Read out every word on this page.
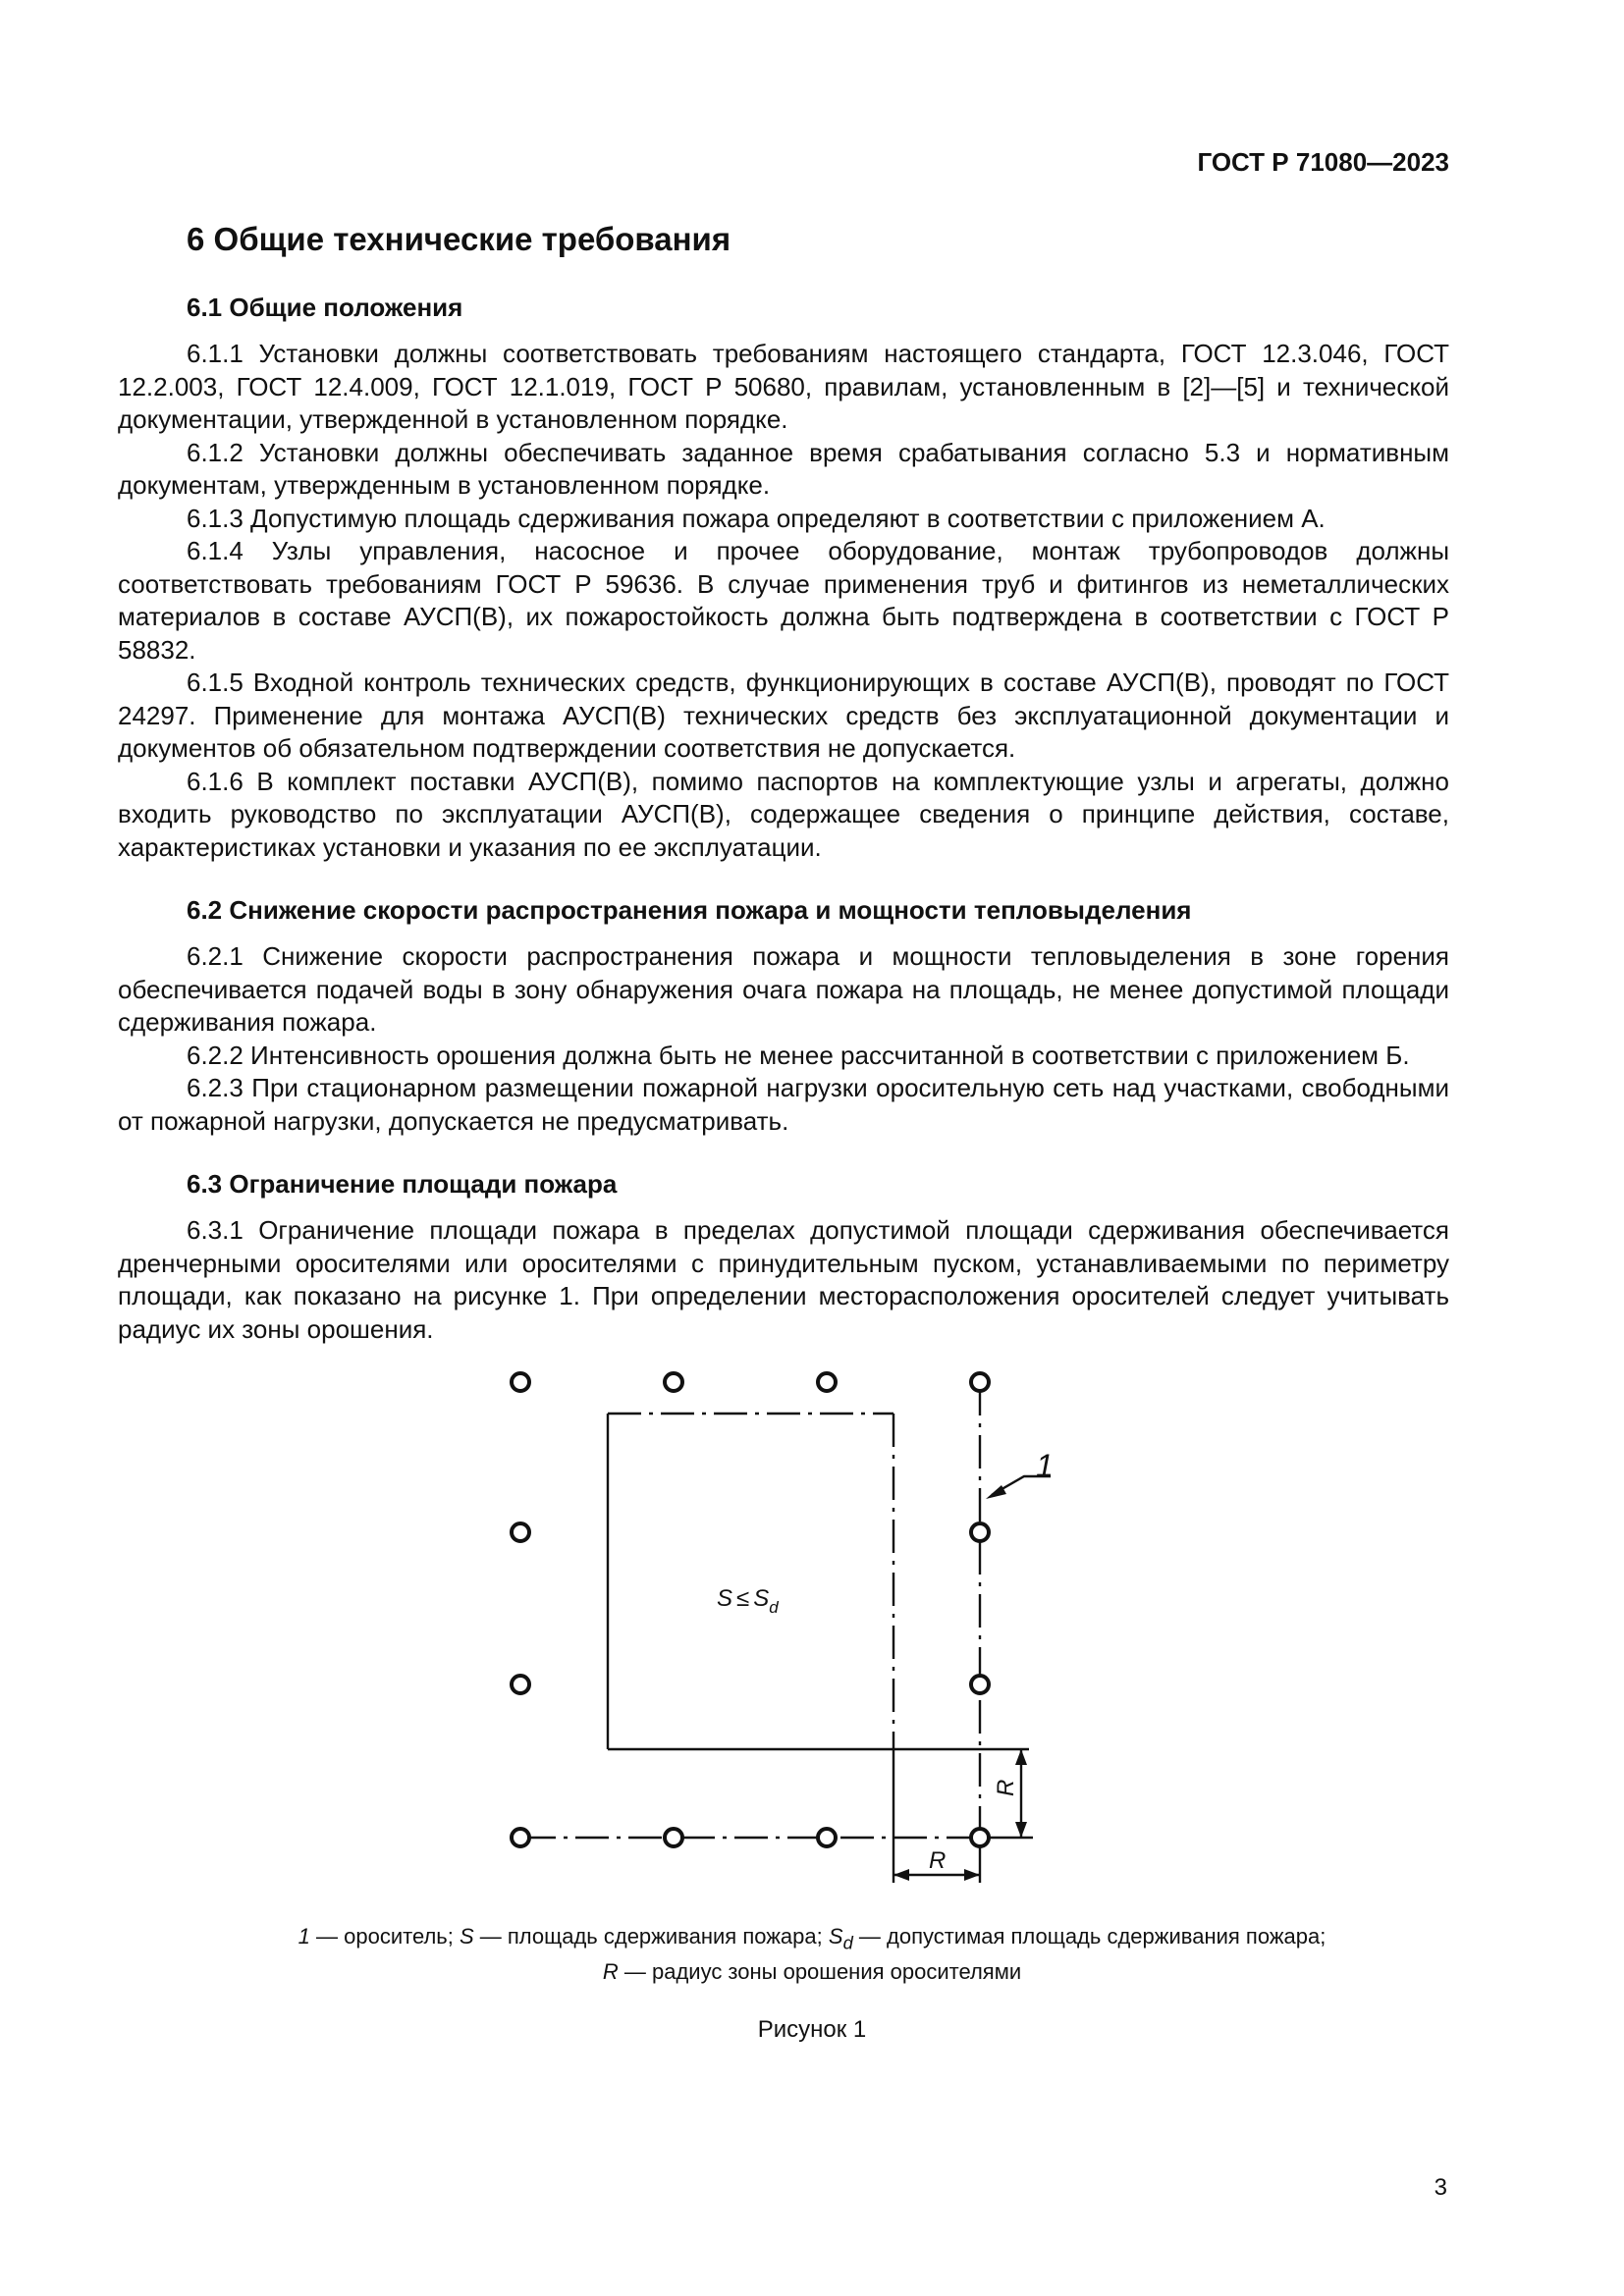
ГОСТ Р 71080—2023
6 Общие технические требования
6.1 Общие положения

6.1.1 Установки должны соответствовать требованиям настоящего стандарта, ГОСТ 12.3.046, ГОСТ 12.2.003, ГОСТ 12.4.009, ГОСТ 12.1.019, ГОСТ Р 50680, правилам, установленным в [2]—[5] и технической документации, утвержденной в установленном порядке.

6.1.2 Установки должны обеспечивать заданное время срабатывания согласно 5.3 и нормативным документам, утвержденным в установленном порядке.

6.1.3 Допустимую площадь сдерживания пожара определяют в соответствии с приложением А.

6.1.4 Узлы управления, насосное и прочее оборудование, монтаж трубопроводов должны соответствовать требованиям ГОСТ Р 59636. В случае применения труб и фитингов из неметаллических материалов в составе АУСП(В), их пожаростойкость должна быть подтверждена в соответствии с ГОСТ Р 58832.

6.1.5 Входной контроль технических средств, функционирующих в составе АУСП(В), проводят по ГОСТ 24297. Применение для монтажа АУСП(В) технических средств без эксплуатационной документации и документов об обязательном подтверждении соответствия не допускается.

6.1.6 В комплект поставки АУСП(В), помимо паспортов на комплектующие узлы и агрегаты, должно входить руководство по эксплуатации АУСП(В), содержащее сведения о принципе действия, составе, характеристиках установки и указания по ее эксплуатации.

6.2 Снижение скорости распространения пожара и мощности тепловыделения

6.2.1 Снижение скорости распространения пожара и мощности тепловыделения в зоне горения обеспечивается подачей воды в зону обнаружения очага пожара на площадь, не менее допустимой площади сдерживания пожара.

6.2.2 Интенсивность орошения должна быть не менее рассчитанной в соответствии с приложением Б.

6.2.3 При стационарном размещении пожарной нагрузки оросительную сеть над участками, свободными от пожарной нагрузки, допускается не предусматривать.

6.3 Ограничение площади пожара

6.3.1 Ограничение площади пожара в пределах допустимой площади сдерживания обеспечивается дренчерными оросителями или оросителями с принудительным пуском, устанавливаемыми по периметру площади, как показано на рисунке 1. При определении месторасположения оросителей следует учитывать радиус их зоны орошения.

1
$S \le S_d$
R
R
1 — ороситель; S — площадь сдерживания пожара; $S_d$ — допустимая площадь сдерживания пожара;
R — радиус зоны орошения оросителями
Рисунок 1
3
